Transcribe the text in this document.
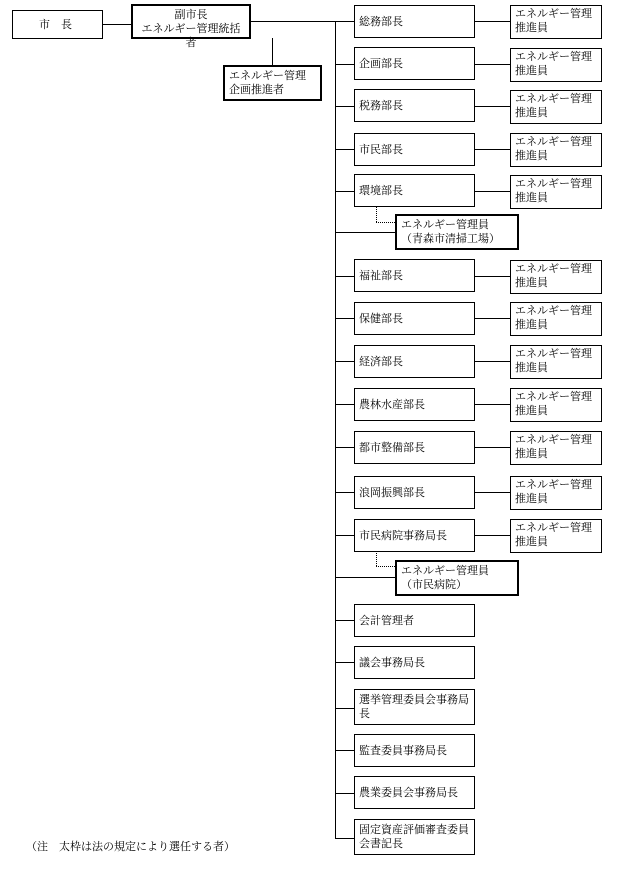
市　長
副市長
エネルギー管理統括者
エネルギー管理
企画推進者
総務部長
企画部長
税務部長
市民部長
環境部長
福祉部長
保健部長
経済部長
農林水産部長
都市整備部長
浪岡振興部長
市民病院事務局長
エネルギー管理
推進員
エネルギー管理
推進員
エネルギー管理
推進員
エネルギー管理
推進員
エネルギー管理
推進員
エネルギー管理
推進員
エネルギー管理
推進員
エネルギー管理
推進員
エネルギー管理
推進員
エネルギー管理
推進員
エネルギー管理
推進員
エネルギー管理
推進員
エネルギー管理員
（青森市清掃工場）
エネルギー管理員
（市民病院）
会計管理者
議会事務局長
選挙管理委員会事務局長
監査委員事務局長
農業委員会事務局長
固定資産評価審査委員会書記長
（注　太枠は法の規定により選任する者）
